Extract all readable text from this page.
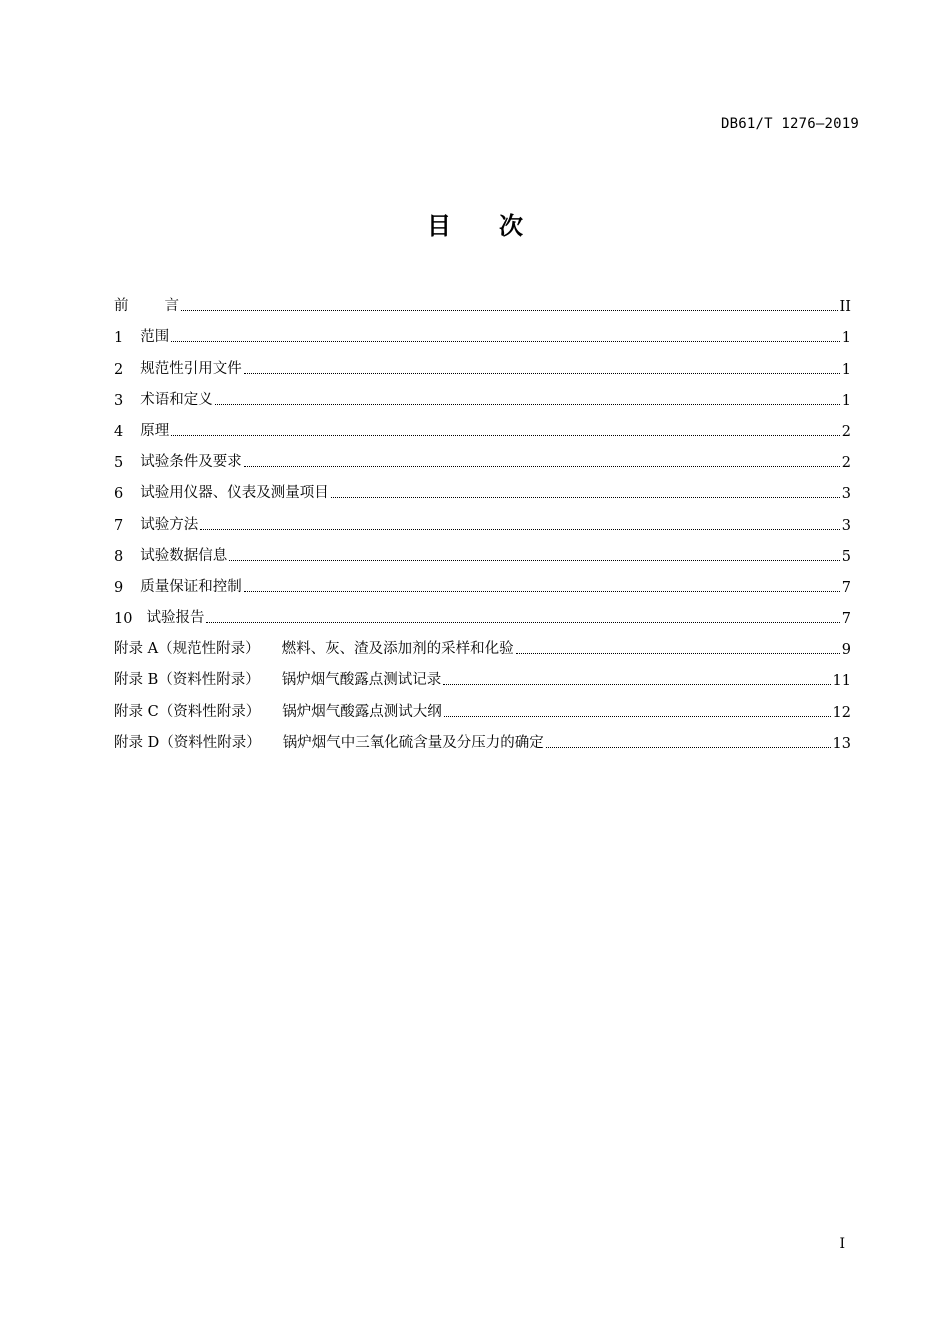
DB61/T 1276—2019
目 次
前 言	II
1 范围	1
2 规范性引用文件	1
3 术语和定义	1
4 原理	2
5 试验条件及要求	2
6 试验用仪器、仪表及测量项目	3
7 试验方法	3
8 试验数据信息	5
9 质量保证和控制	7
10 试验报告	7
附录 A（规范性附录） 燃料、灰、渣及添加剂的采样和化验	9
附录 B（资料性附录） 锅炉烟气酸露点测试记录	11
附录 C（资料性附录） 锅炉烟气酸露点测试大纲	12
附录 D（资料性附录） 锅炉烟气中三氧化硫含量及分压力的确定	13
I
